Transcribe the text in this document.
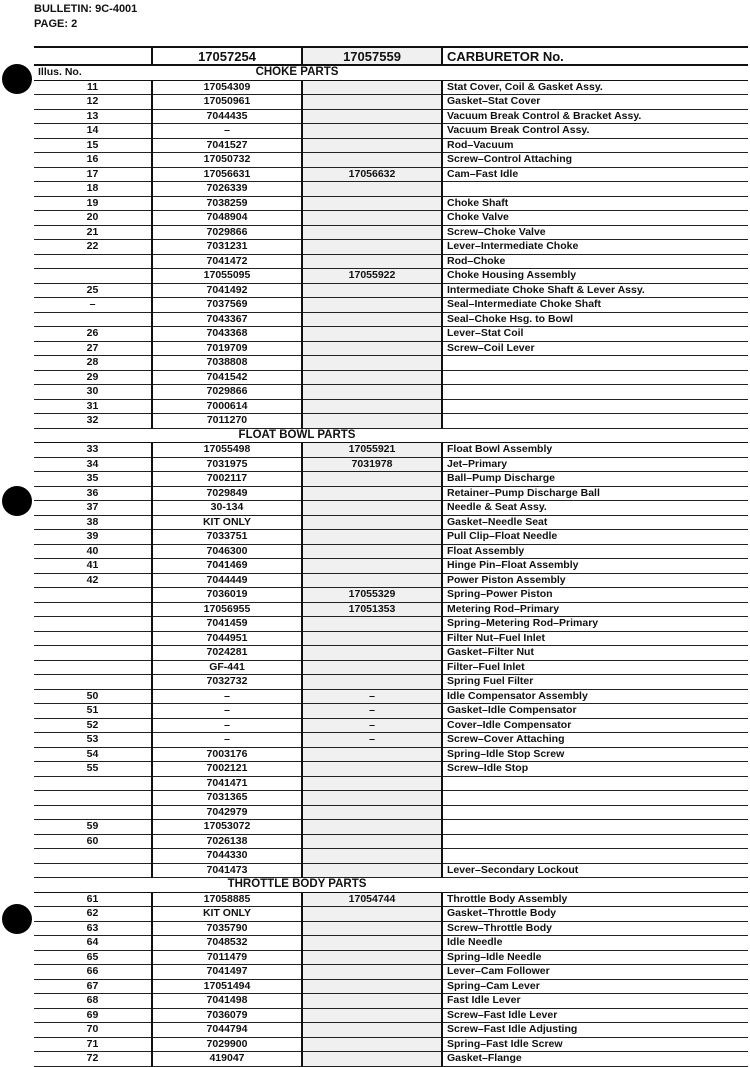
BULLETIN: 9C-4001
PAGE: 2
	17057254	17057559	CARBURETOR No.
Illus. No.	CHOKE PARTS		
11	17054309		Stat Cover, Coil & Gasket Assy.
12	17050961		Gasket–Stat Cover
13	7044435		Vacuum Break Control & Bracket Assy.
14	–		Vacuum Break Control Assy.
15	7041527		Rod–Vacuum
16	17050732		Screw–Control Attaching
17	17056631	17056632	Cam–Fast Idle
18	7026339		
19	7038259		Choke Shaft
20	7048904		Choke Valve
21	7029866		Screw–Choke Valve
22	7031231		Lever–Intermediate Choke
	7041472		Rod–Choke
	17055095	17055922	Choke Housing Assembly
25	7041492		Intermediate Choke Shaft & Lever Assy.
–	7037569		Seal–Intermediate Choke Shaft
	7043367		Seal–Choke Hsg. to Bowl
26	7043368		Lever–Stat Coil
27	7019709		Screw–Coil Lever
28	7038808		
29	7041542		
30	7029866		
31	7000614		
32	7011270		
	FLOAT BOWL PARTS		
33	17055498	17055921	Float Bowl Assembly
34	7031975	7031978	Jet–Primary
35	7002117		Ball–Pump Discharge
36	7029849		Retainer–Pump Discharge Ball
37	30-134		Needle & Seat Assy.
38	KIT ONLY		Gasket–Needle Seat
39	7033751		Pull Clip–Float Needle
40	7046300		Float Assembly
41	7041469		Hinge Pin–Float Assembly
42	7044449		Power Piston Assembly
	7036019	17055329	Spring–Power Piston
	17056955	17051353	Metering Rod–Primary
	7041459		Spring–Metering Rod–Primary
	7044951		Filter Nut–Fuel Inlet
	7024281		Gasket–Filter Nut
	GF-441		Filter–Fuel Inlet
	7032732		Spring Fuel Filter
50	–	–	Idle Compensator Assembly
51	–	–	Gasket–Idle Compensator
52	–	–	Cover–Idle Compensator
53	–	–	Screw–Cover Attaching
54	7003176		Spring–Idle Stop Screw
55	7002121		Screw–Idle Stop
	7041471		
	7031365		
	7042979		
59	17053072		
60	7026138		
	7044330		
	7041473		Lever–Secondary Lockout
	THROTTLE BODY PARTS		
61	17058885	17054744	Throttle Body Assembly
62	KIT ONLY		Gasket–Throttle Body
63	7035790		Screw–Throttle Body
64	7048532		Idle Needle
65	7011479		Spring–Idle Needle
66	7041497		Lever–Cam Follower
67	17051494		Spring–Cam Lever
68	7041498		Fast Idle Lever
69	7036079		Screw–Fast Idle Lever
70	7044794		Screw–Fast Idle Adjusting
71	7029900		Spring–Fast Idle Screw
72	419047		Gasket–Flange
